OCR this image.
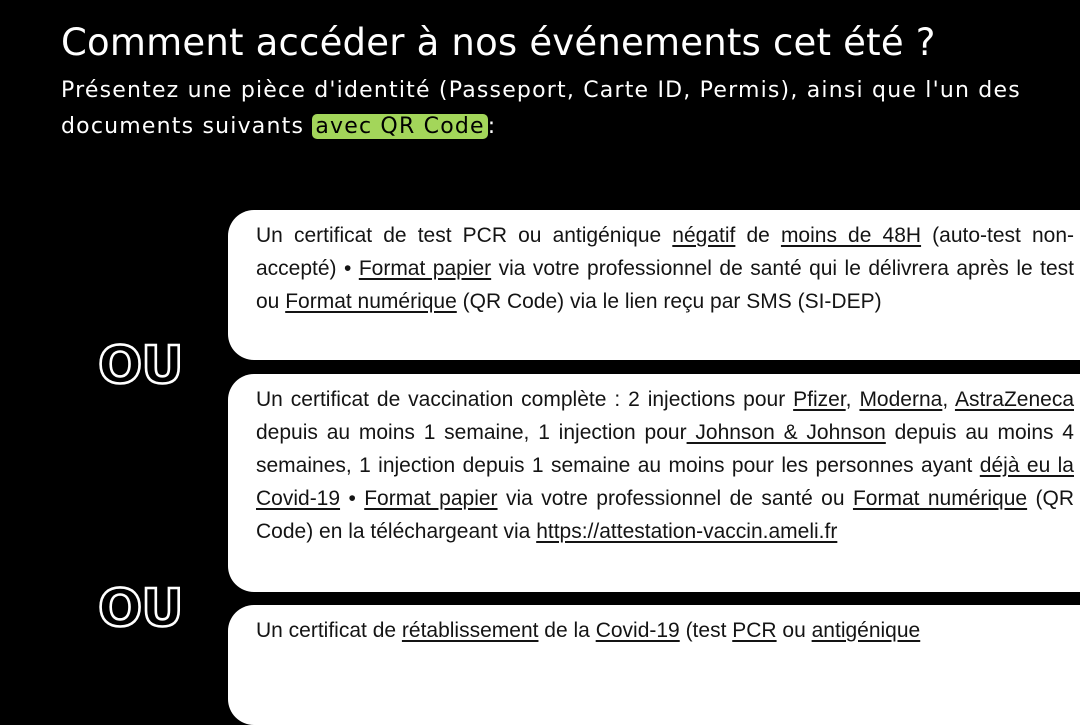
Comment accéder à nos événements cet été ?

Présentez une pièce d'identité (Passeport, Carte ID, Permis), ainsi que l'un des documents suivants avec QR Code :

Un certificat de test PCR ou antigénique négatif de moins de 48H (auto-test non-accepté) • Format papier via votre professionnel de santé qui le délivrera après le test ou Format numérique (QR Code) via le lien reçu par SMS (SI-DEP)
OU
Un certificat de vaccination complète : 2 injections pour Pfizer, Moderna, AstraZeneca depuis au moins 1 semaine, 1 injection pour Johnson & Johnson depuis au moins 4 semaines, 1 injection depuis 1 semaine au moins pour les personnes ayant déjà eu la Covid-19 • Format papier via votre professionnel de santé ou Format numérique (QR Code) en la téléchargeant via https://attestation-vaccin.ameli.fr
OU	Un certificat de rétablissement de la Covid-19 (test PCR ou antigénique
